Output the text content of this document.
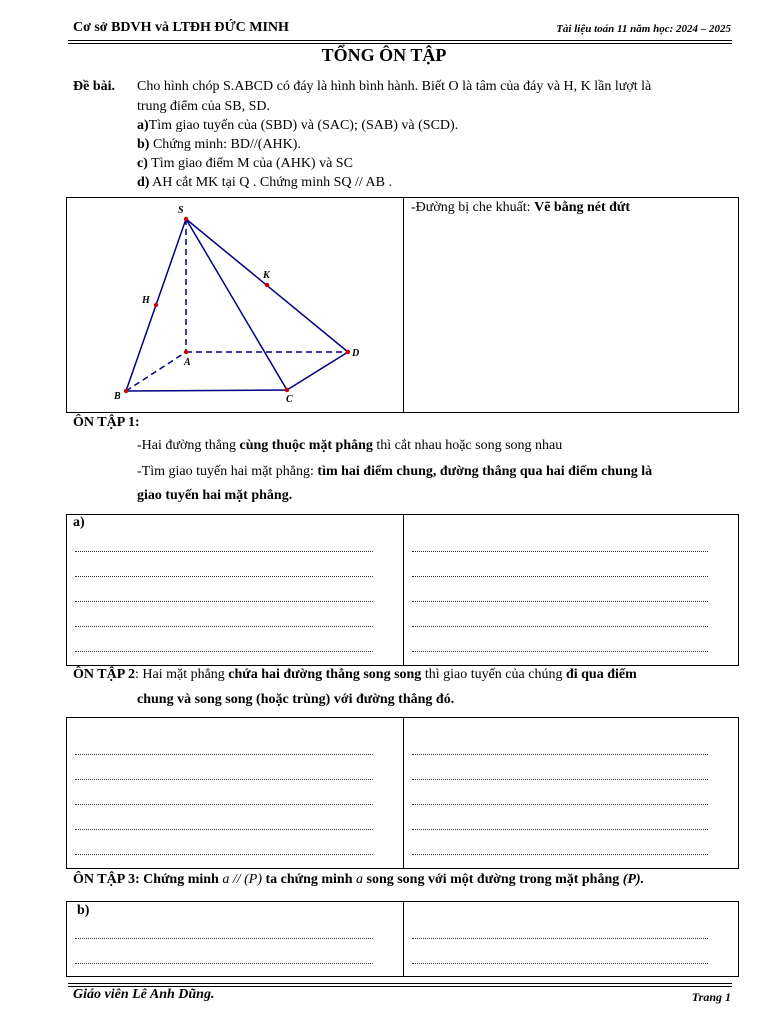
Cơ sở BDVH và LTĐH ĐỨC MINH	Tài liệu toán 11 năm học: 2024 – 2025
TỔNG ÔN TẬP
Đề bài. Cho hình chóp S.ABCD có đáy là hình bình hành. Biết O là tâm của đáy và H, K lần lượt là
trung điểm của SB, SD.
a)Tìm giao tuyến của (SBD) và (SAC); (SAB) và (SCD).
b) Chứng minh: BD//(AHK).
c) Tìm giao điểm M của (AHK) và SC
d) AH cắt MK tại Q . Chứng minh SQ // AB .
S
A
B	C
D
H
K
-Đường bị che khuất: Vẽ bằng nét đứt
ÔN TẬP 1:
-Hai đường thẳng cùng thuộc mặt phẳng thì cắt nhau hoặc song song nhau
-Tìm giao tuyến hai mặt phẳng: tìm hai điểm chung, đường thẳng qua hai điểm chung là
giao tuyến hai mặt phẳng.
a)
ÔN TẬP 2: Hai mặt phẳng chứa hai đường thẳng song song thì giao tuyến của chúng đi qua điểm
chung và song song (hoặc trùng) với đường thẳng đó.
ÔN TẬP 3: Chứng minh a // (P) ta chứng minh a song song với một đường trong mặt phẳng (P).
b)
Giáo viên Lê Anh Dũng.	Trang 1
